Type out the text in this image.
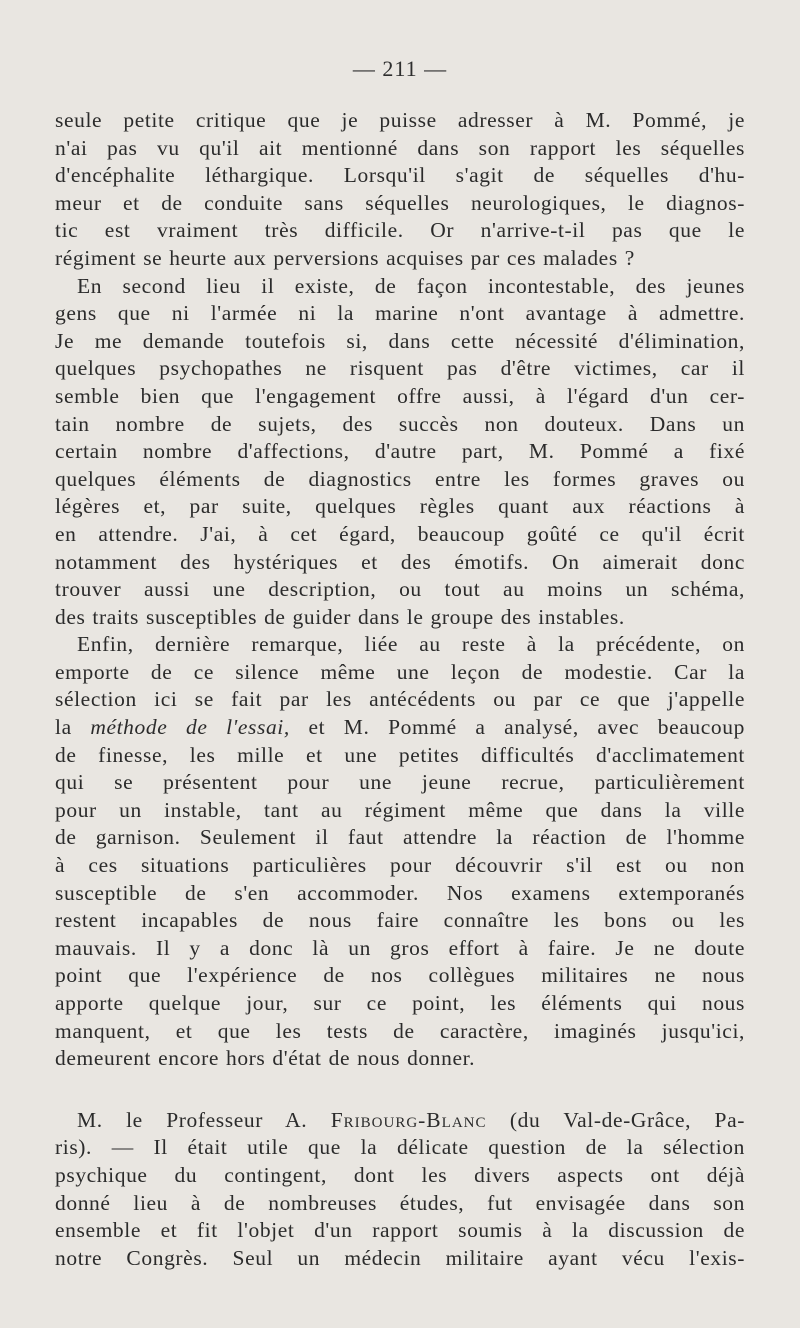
— 211 —
seule petite critique que je puisse adresser à M. Pommé, je
n'ai pas vu qu'il ait mentionné dans son rapport les séquelles
d'encéphalite léthargique. Lorsqu'il s'agit de séquelles d'hu-
meur et de conduite sans séquelles neurologiques, le diagnos-
tic est vraiment très difficile. Or n'arrive-t-il pas que le
régiment se heurte aux perversions acquises par ces malades ?
En second lieu il existe, de façon incontestable, des jeunes
gens que ni l'armée ni la marine n'ont avantage à admettre.
Je me demande toutefois si, dans cette nécessité d'élimination,
quelques psychopathes ne risquent pas d'être victimes, car il
semble bien que l'engagement offre aussi, à l'égard d'un cer-
tain nombre de sujets, des succès non douteux. Dans un
certain nombre d'affections, d'autre part, M. Pommé a fixé
quelques éléments de diagnostics entre les formes graves ou
légères et, par suite, quelques règles quant aux réactions à
en attendre. J'ai, à cet égard, beaucoup goûté ce qu'il écrit
notamment des hystériques et des émotifs. On aimerait donc
trouver aussi une description, ou tout au moins un schéma,
des traits susceptibles de guider dans le groupe des instables.
Enfin, dernière remarque, liée au reste à la précédente, on
emporte de ce silence même une leçon de modestie. Car la
sélection ici se fait par les antécédents ou par ce que j'appelle
la méthode de l'essai, et M. Pommé a analysé, avec beaucoup
de finesse, les mille et une petites difficultés d'acclimatement
qui se présentent pour une jeune recrue, particulièrement
pour un instable, tant au régiment même que dans la ville
de garnison. Seulement il faut attendre la réaction de l'homme
à ces situations particulières pour découvrir s'il est ou non
susceptible de s'en accommoder. Nos examens extemporanés
restent incapables de nous faire connaître les bons ou les
mauvais. Il y a donc là un gros effort à faire. Je ne doute
point que l'expérience de nos collègues militaires ne nous
apporte quelque jour, sur ce point, les éléments qui nous
manquent, et que les tests de caractère, imaginés jusqu'ici,
demeurent encore hors d'état de nous donner.
M. le Professeur A. Fribourg-Blanc (du Val-de-Grâce, Pa-
ris). — Il était utile que la délicate question de la sélection
psychique du contingent, dont les divers aspects ont déjà
donné lieu à de nombreuses études, fut envisagée dans son
ensemble et fit l'objet d'un rapport soumis à la discussion de
notre Congrès. Seul un médecin militaire ayant vécu l'exis-
